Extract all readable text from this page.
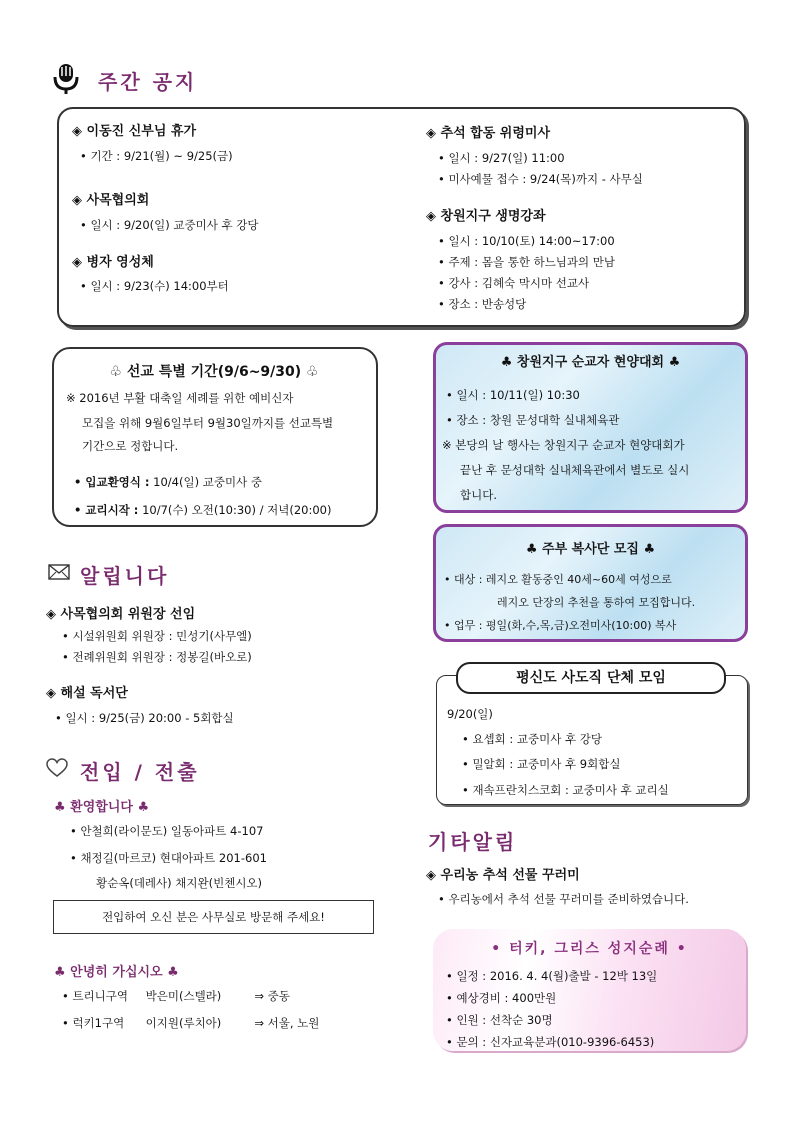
주간 공지
◈ 이동진 신부님 휴가
• 기간 : 9/21(월) ~ 9/25(금)
◈ 사목협의회
• 일시 : 9/20(일) 교중미사 후 강당
◈ 병자 영성체
• 일시 : 9/23(수) 14:00부터
◈ 추석 합동 위령미사
• 일시 : 9/27(일) 11:00
• 미사예물 접수 : 9/24(목)까지 - 사무실
◈ 창원지구 생명강좌
• 일시 : 10/10(토) 14:00~17:00
• 주제 : 몸을 통한 하느님과의 만남
• 강사 : 김혜숙 막시마 선교사
• 장소 : 반송성당
♧ 선교 특별 기간(9/6~9/30) ♧
※ 2016년 부활 대축일 세례를 위한 예비신자
모집을 위해 9월6일부터 9월30일까지를 선교특별
기간으로 정합니다.
• 입교환영식 : 10/4(일) 교중미사 중
• 교리시작 : 10/7(수) 오전(10:30) / 저녁(20:00)
♣ 창원지구 순교자 현양대회 ♣
• 일시 : 10/11(일) 10:30
• 장소 : 창원 문성대학 실내체육관
※ 본당의 날 행사는 창원지구 순교자 현양대회가
끝난 후 문성대학 실내체육관에서 별도로 실시
합니다.
♣ 주부 복사단 모집 ♣
• 대상 : 레지오 활동중인 40세~60세 여성으로
레지오 단장의 추천을 통하여 모집합니다.
• 업무 : 평일(화,수,목,금)오전미사(10:00) 복사
평신도 사도직 단체 모임
9/20(일)
• 요셉회 : 교중미사 후 강당
• 밀알회 : 교중미사 후 9회합실
• 재속프란치스코회 : 교중미사 후 교리실
알립니다
◈ 사목협의회 위원장 선임
• 시설위원회 위원장 : 민성기(사무엘)
• 전례위원회 위원장 : 정봉길(바오로)
◈ 해설 독서단
• 일시 : 9/25(금) 20:00 - 5회합실
전입 / 전출
♣ 환영합니다 ♣
• 안철희(라이문도) 일동아파트 4-107
• 채정길(마르코) 현대아파트 201-601
황순옥(데레사) 채지완(빈첸시오)
전입하여 오신 분은 사무실로 방문해 주세요!
♣ 안녕히 가십시오 ♣
• 트리니구역 박은미(스텔라)	⇒ 중동
• 럭키1구역 이지원(루치아)	⇒ 서울, 노원
기타알림
◈ 우리농 추석 선물 꾸러미
• 우리농에서 추석 선물 꾸러미를 준비하였습니다.
• 터키, 그리스 성지순례 •
• 일정 : 2016. 4. 4(월)출발 - 12박 13일
• 예상경비 : 400만원
• 인원 : 선착순 30명
• 문의 : 신자교육분과(010-9396-6453)
